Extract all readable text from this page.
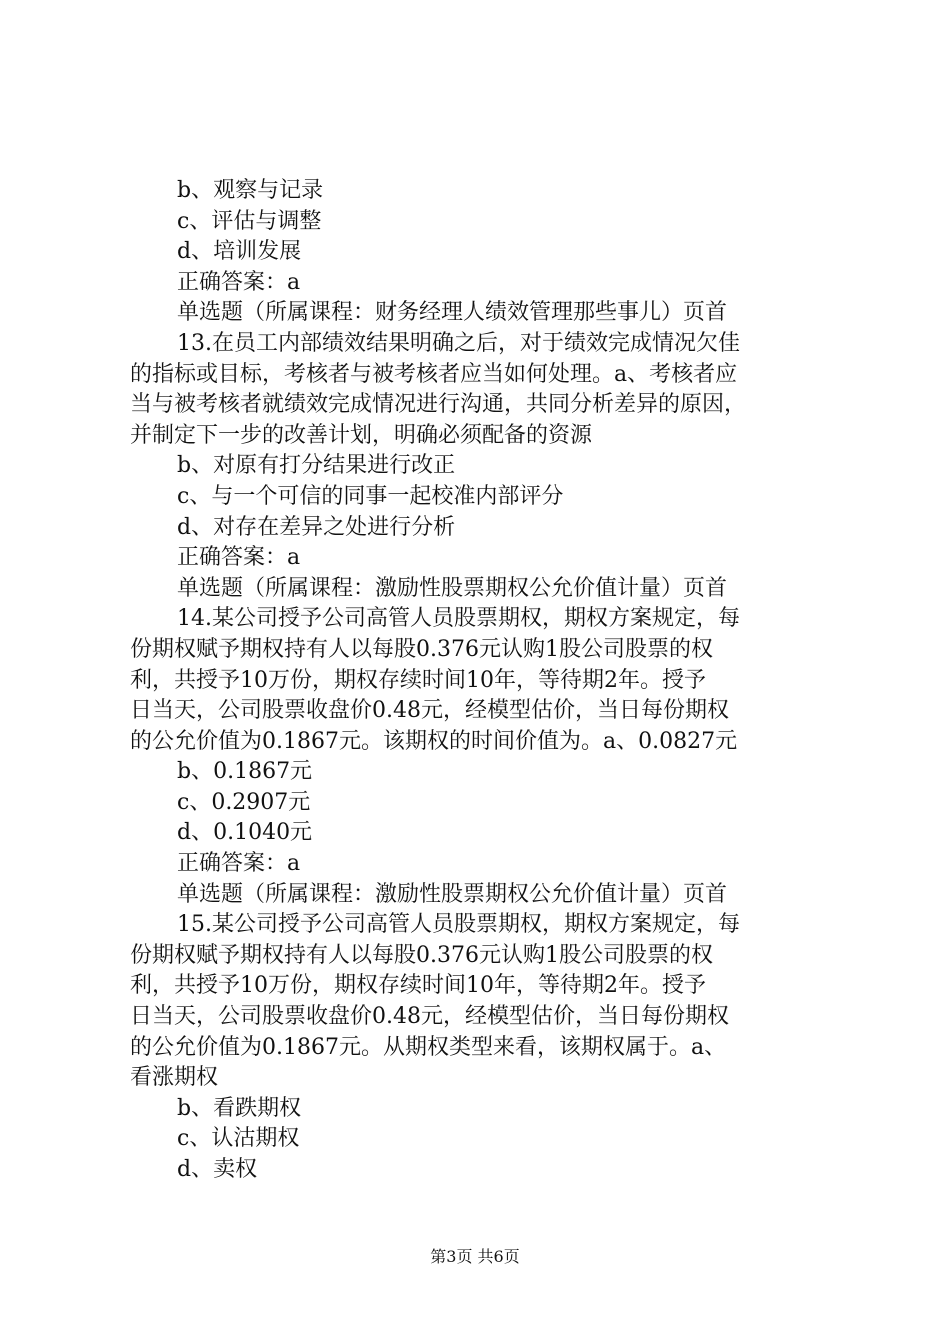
b、观察与记录
c、评估与调整
d、培训发展
正确答案：a
单选题（所属课程：财务经理人绩效管理那些事儿）页首
13.在员工内部绩效结果明确之后，对于绩效完成情况欠佳
的指标或目标，考核者与被考核者应当如何处理。a、考核者应
当与被考核者就绩效完成情况进行沟通，共同分析差异的原因，
并制定下一步的改善计划，明确必须配备的资源
b、对原有打分结果进行改正
c、与一个可信的同事一起校准内部评分
d、对存在差异之处进行分析
正确答案：a
单选题（所属课程：激励性股票期权公允价值计量）页首
14.某公司授予公司高管人员股票期权，期权方案规定，每
份期权赋予期权持有人以每股0.376元认购1股公司股票的权
利，共授予10万份，期权存续时间10年，等待期2年。授予
日当天，公司股票收盘价0.48元，经模型估价，当日每份期权
的公允价值为0.1867元。该期权的时间价值为。a、0.0827元
b、0.1867元
c、0.2907元
d、0.1040元
正确答案：a
单选题（所属课程：激励性股票期权公允价值计量）页首
15.某公司授予公司高管人员股票期权，期权方案规定，每
份期权赋予期权持有人以每股0.376元认购1股公司股票的权
利，共授予10万份，期权存续时间10年，等待期2年。授予
日当天，公司股票收盘价0.48元，经模型估价，当日每份期权
的公允价值为0.1867元。从期权类型来看，该期权属于。a、
看涨期权
b、看跌期权
c、认沽期权
d、卖权
第3页 共6页
